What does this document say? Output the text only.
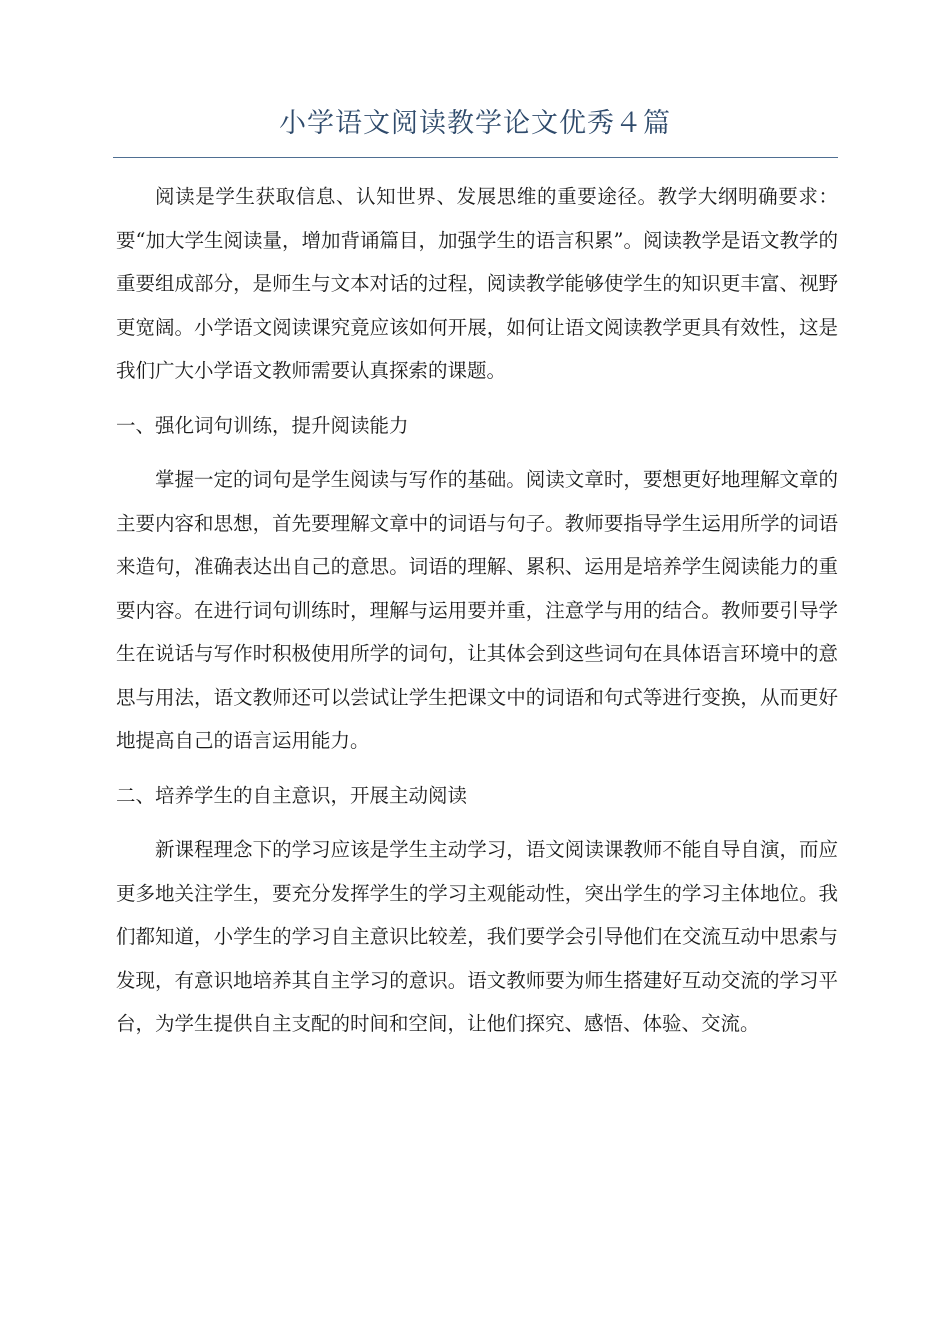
小学语文阅读教学论文优秀４篇

阅读是学生获取信息、认知世界、发展思维的重要途径。教学大纲明确要求：要“加大学生阅读量，增加背诵篇目，加强学生的语言积累”。阅读教学是语文教学的重要组成部分，是师生与文本对话的过程，阅读教学能够使学生的知识更丰富、视野更宽阔。小学语文阅读课究竟应该如何开展，如何让语文阅读教学更具有效性，这是我们广大小学语文教师需要认真探索的课题。

一、强化词句训练，提升阅读能力

掌握一定的词句是学生阅读与写作的基础。阅读文章时，要想更好地理解文章的主要内容和思想，首先要理解文章中的词语与句子。教师要指导学生运用所学的词语来造句，准确表达出自己的意思。词语的理解、累积、运用是培养学生阅读能力的重要内容。在进行词句训练时，理解与运用要并重，注意学与用的结合。教师要引导学生在说话与写作时积极使用所学的词句，让其体会到这些词句在具体语言环境中的意思与用法，语文教师还可以尝试让学生把课文中的词语和句式等进行变换，从而更好地提高自己的语言运用能力。

二、培养学生的自主意识，开展主动阅读

新课程理念下的学习应该是学生主动学习，语文阅读课教师不能自导自演，而应更多地关注学生，要充分发挥学生的学习主观能动性，突出学生的学习主体地位。我们都知道，小学生的学习自主意识比较差，我们要学会引导他们在交流互动中思索与发现，有意识地培养其自主学习的意识。语文教师要为师生搭建好互动交流的学习平台，为学生提供自主支配的时间和空间，让他们探究、感悟、体验、交流。
